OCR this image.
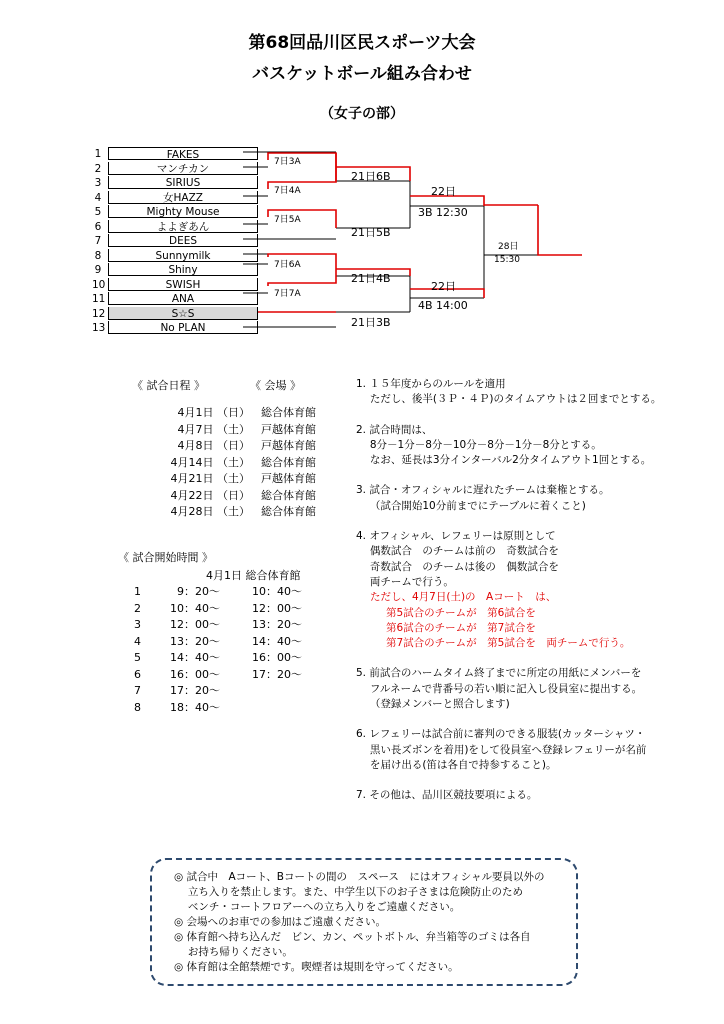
第68回品川区民スポーツ大会
バスケットボール組み合わせ
（女子の部）
1	FAKES
2	マンチカン
3	SIRIUS
4	女HAZZ
5	Mighty Mouse
6	よよぎあん
7	DEES
8	Sunnymilk
9	Shiny
10	SWISH
11	ANA
12	S☆S
13	No PLAN
7日3A
7日4A
7日5A
7日6A
7日7A
21日6B
21日5B
21日4B
21日3B
22日
3B 12:30
22日
4B 14:00
28日
15:30
《 試合日程 》	《 会場 》
4月1日 （日）　 総合体育館
4月7日 （土）　 戸越体育館
4月8日 （日）　 戸越体育館
4月14日 （土）　 総合体育館
4月21日 （土）　 戸越体育館
4月22日 （日）　 総合体育館
4月28日 （土）　 総合体育館
《 試合開始時間 》
4月1日 総合体育館
1	9：20～	10：40～
2	10：40～	12：00～
3	12：00～	13：20～
4	13：20～	14：40～
5	14：40～	16：00～
6	16：00～	17：20～
7	17：20～
8	18：40～
1. １５年度からのルールを適用
　 ただし、後半(３Ｐ・４Ｐ)のタイムアウトは２回までとする。
2. 試合時間は、
　 8分－1分－8分－10分－8分－1分－8分とする。
　 なお、延長は3分インターバル2分タイムアウト1回とする。
3. 試合・オフィシャルに遅れたチームは棄権とする。
　 （試合開始10分前までにテーブルに着くこと)
4. オフィシャル、レフェリーは原則として
　 偶数試合　のチームは前の　奇数試合を
　 奇数試合　のチームは後の　偶数試合を
　 両チームで行う。
ただし、4月7日(土)の　Aコート　は、
第5試合のチームが　第6試合を
第6試合のチームが　第7試合を
第7試合のチームが　第5試合を　両チームで行う。
5. 前試合のハームタイム終了までに所定の用紙にメンバーを
　 フルネームで背番号の若い順に記入し役員室に提出する。
　 （登録メンバーと照合します)
6. レフェリーは試合前に審判のできる服装(カッターシャツ・
　 黒い長ズボンを着用)をして役員室へ登録レフェリーが名前
　 を届け出る(笛は各自で持参すること)。
7. その他は、品川区競技要項による。
◎ 試合中　Aコート、Bコートの間の　スペース　にはオフィシャル要員以外の
　 立ち入りを禁止します。また、中学生以下のお子さまは危険防止のため
　 ベンチ・コートフロアーへの立ち入りをご遠慮ください。
◎ 会場へのお車での参加はご遠慮ください。
◎ 体育館へ持ち込んだ　ビン、カン、ペットボトル、弁当箱等のゴミは各自
　 お持ち帰りください。
◎ 体育館は全館禁煙です。喫煙者は規則を守ってください。
